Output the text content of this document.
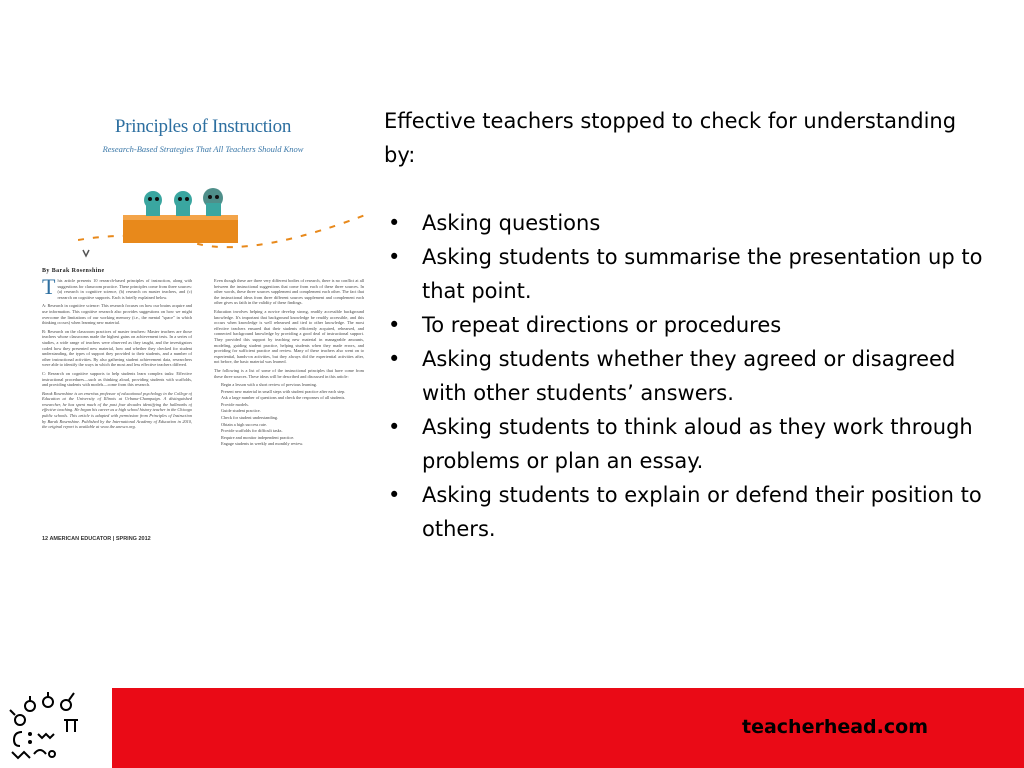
Principles of Instruction
Research-Based Strategies That All Teachers Should Know
By Barak Rosenshine

This article presents 10 research-based principles of instruction, along with suggestions for classroom practice. These principles come from three sources: (a) research in cognitive science, (b) research on master teachers, and (c) research on cognitive supports. Each is briefly explained below.

A: Research in cognitive science: This research focuses on how our brains acquire and use information. This cognitive research also provides suggestions on how we might overcome the limitations of our working memory (i.e., the mental "space" in which thinking occurs) when learning new material.

B: Research on the classroom practices of master teachers: Master teachers are those teachers whose classrooms made the highest gains on achievement tests. In a series of studies, a wide range of teachers were observed as they taught, and the investigators coded how they presented new material, how and whether they checked for student understanding, the types of support they provided to their students, and a number of other instructional activities. By also gathering student achievement data, researchers were able to identify the ways in which the most and less effective teachers differed.

C: Research on cognitive supports to help students learn complex tasks: Effective instructional procedures—such as thinking aloud, providing students with scaffolds, and providing students with models—come from this research.

Barak Rosenshine is an emeritus professor of educational psychology in the College of Education at the University of Illinois at Urbana-Champaign. A distinguished researcher, he has spent much of the past four decades identifying the hallmarks of effective teaching. He began his career as a high school history teacher in the Chicago public schools. This article is adapted with permission from Principles of Instruction by Barak Rosenshine. Published by the International Academy of Education in 2010, the original report is available at www.ibe.unesco.org.

Even though these are three very different bodies of research, there is no conflict at all between the instructional suggestions that come from each of these three sources. In other words, these three sources supplement and complement each other. The fact that the instructional ideas from three different sources supplement and complement each other gives us faith in the validity of these findings.

Education involves helping a novice develop strong, readily accessible background knowledge. It's important that background knowledge be readily accessible, and this occurs when knowledge is well rehearsed and tied to other knowledge. The most effective teachers ensured that their students efficiently acquired, rehearsed, and connected background knowledge by providing a good deal of instructional support. They provided this support by teaching new material in manageable amounts, modeling, guiding student practice, helping students when they made errors, and providing for sufficient practice and review. Many of these teachers also went on to experiential, hands-on activities, but they always did the experiential activities after, not before, the basic material was learned.

The following is a list of some of the instructional principles that have come from these three sources. These ideas will be described and discussed in this article:

• Begin a lesson with a short review of previous learning.
• Present new material in small steps with student practice after each step.
• Ask a large number of questions and check the responses of all students.
• Provide models.
• Guide student practice.
• Check for student understanding.
• Obtain a high success rate.
• Provide scaffolds for difficult tasks.
• Require and monitor independent practice.
• Engage students in weekly and monthly review.
12 AMERICAN EDUCATOR | SPRING 2012

Effective teachers stopped to check for understanding by:

• Asking questions
• Asking students to summarise the presentation up to that point.
• To repeat directions or procedures
• Asking students whether they agreed or disagreed with other students’ answers.
• Asking students to think aloud as they work through problems or plan an essay.
• Asking students to explain or defend their position to others.
teacherhead.com
